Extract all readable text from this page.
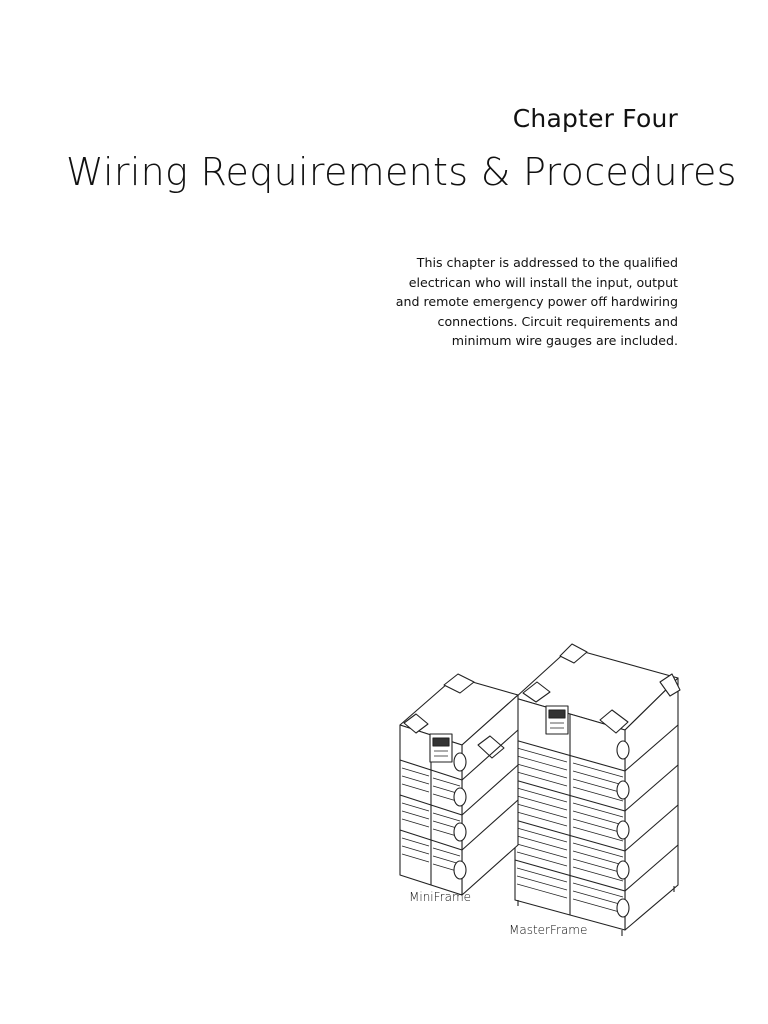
Chapter Four
Wiring Requirements & Procedures
This chapter is addressed to the qualified
electrican who will install the input, output
and remote emergency power off hardwiring
connections. Circuit requirements and
minimum wire gauges are included.
MiniFrame
MasterFrame
